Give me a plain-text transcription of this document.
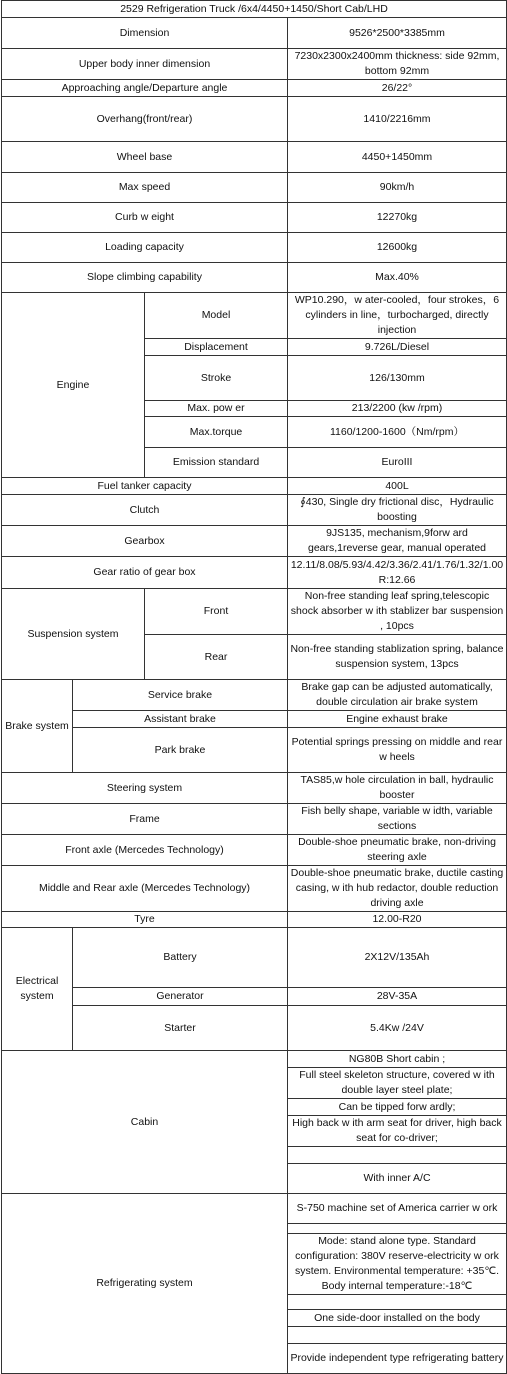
2529 Refrigeration Truck /6x4/4450+1450/Short Cab/LHD			
Dimension			9526*2500*3385mm
Upper body inner dimension			7230x2300x2400mm thickness: side 92mm, bottom 92mm
Approaching angle/Departure angle			26/22°
Overhang(front/rear)			1410/2216mm
Wheel base			4450+1450mm
Max speed			90km/h
Curb w eight			12270kg
Loading capacity			12600kg
Slope climbing capability			Max.40%
Engine		Model	WP10.290，w ater-cooled，four strokes，6 cylinders in line，turbocharged, directly injection
		Displacement	9.726L/Diesel
		Stroke	126/130mm
		Max. pow er	213/2200 (kw /rpm)
		Max.torque	1160/1200-1600（Nm/rpm）
		Emission standard	EuroIII
Fuel tanker capacity			400L
Clutch			∮430, Single dry frictional disc，Hydraulic boosting
Gearbox			9JS135, mechanism,9forw ard gears,1reverse gear, manual operated
Gear ratio of gear box			12.11/8.08/5.93/4.42/3.36/2.41/1.76/1.32/1.00 R:12.66
Suspension system		Front	Non-free standing leaf spring,telescopic shock absorber w ith stablizer bar suspension , 10pcs
		Rear	Non-free standing stablization spring, balance suspension system, 13pcs
Brake system	Service brake		Brake gap can be adjusted automatically, double circulation air brake system
	Assistant brake		Engine exhaust brake
	Park brake		Potential springs pressing on middle and rear w heels
Steering system			TAS85,w hole circulation in ball, hydraulic booster
Frame			Fish belly shape, variable w idth, variable sections
Front axle (Mercedes Technology)			Double-shoe pneumatic brake, non-driving steering axle
Middle and Rear axle (Mercedes Technology)			Double-shoe pneumatic brake, ductile casting casing, w ith hub redactor, double reduction driving axle
Tyre			12.00-R20
Electrical system	Battery		2X12V/135Ah
	Generator		28V-35A
	Starter		5.4Kw /24V
Cabin			NG80B Short cabin ;
			Full steel skeleton structure, covered w ith double layer steel plate;
			Can be tipped forw ardly;
			High back w ith arm seat for driver, high back seat for co-driver;

			With inner A/C
Refrigerating system			S-750 machine set of America carrier w ork

			Mode: stand alone type. Standard configuration: 380V reserve-electricity w ork system. Environmental temperature: +35℃. Body internal temperature:-18℃

			One side-door installed on the body

			Provide independent type refrigerating battery
